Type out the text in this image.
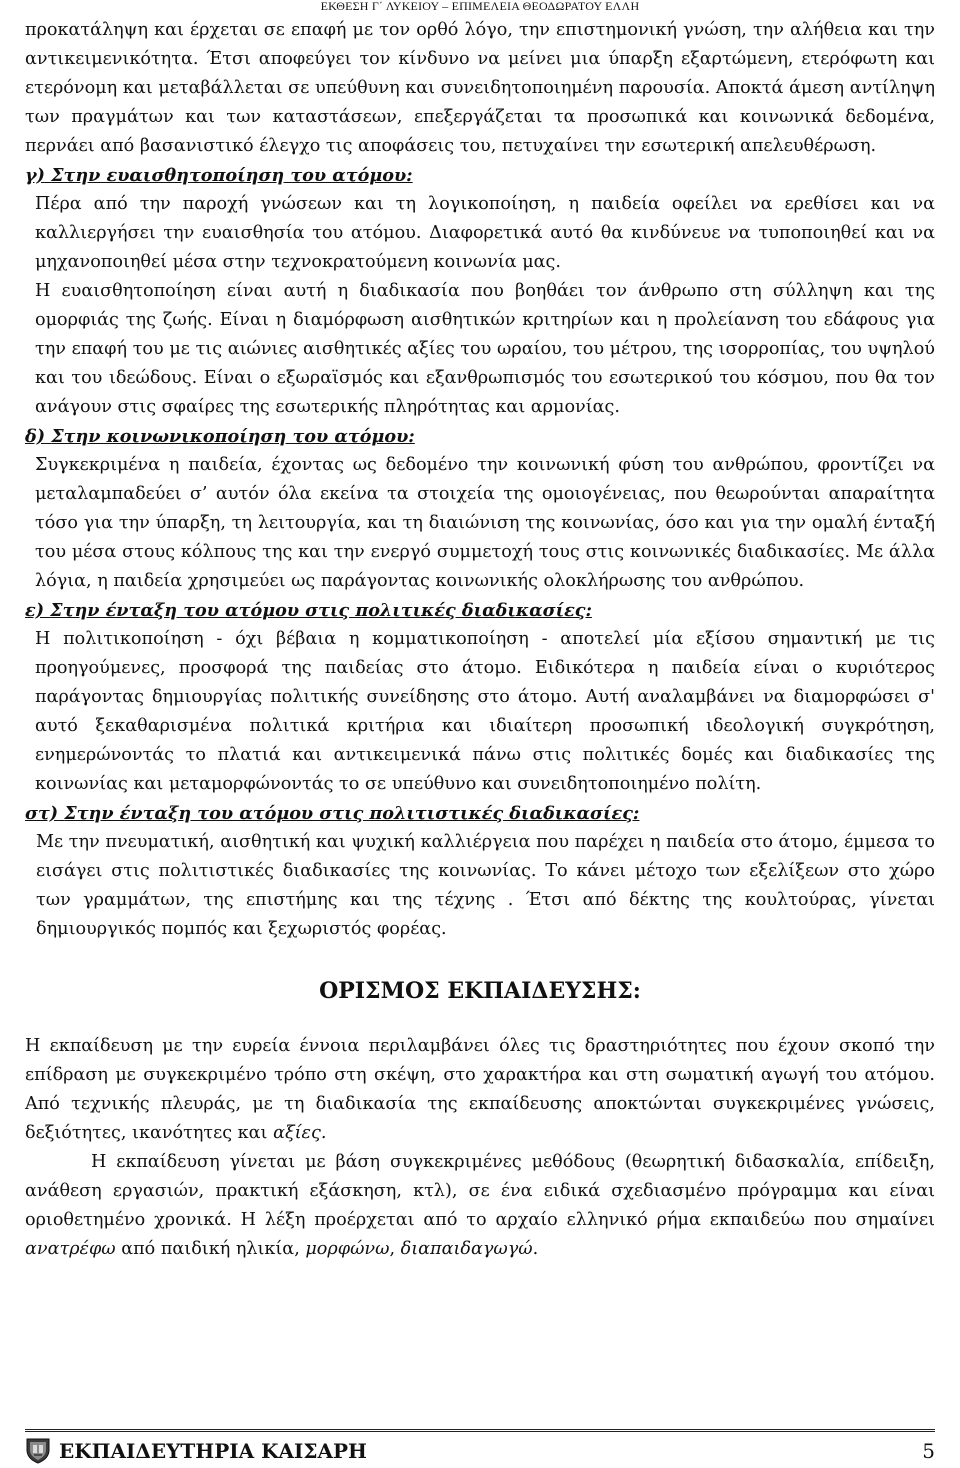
ΕΚΘΕΣΗ Γ΄ ΛΥΚΕΙΟΥ – ΕΠΙΜΕΛΕΙΑ ΘΕΟΔΩΡΑΤΟΥ ΕΛΛΗ

προκατάληψη και έρχεται σε επαφή με τον ορθό λόγο, την επιστημονική γνώση, την αλήθεια και την αντικειμενικότητα. Έτσι αποφεύγει τον κίνδυνο να μείνει μια ύπαρξη εξαρτώμενη, ετερόφωτη και ετερόνομη και μεταβάλλεται σε υπεύθυνη και συνειδητοποιημένη παρουσία. Αποκτά άμεση αντίληψη των πραγμάτων και των καταστάσεων, επεξεργάζεται τα προσωπικά και κοινωνικά δεδομένα, περνάει από βασανιστικό έλεγχο τις αποφάσεις του, πετυχαίνει την εσωτερική απελευθέρωση.

γ) Στην ευαισθητοποίηση του ατόμου:

Πέρα από την παροχή γνώσεων και τη λογικοποίηση, η παιδεία οφείλει να ερεθίσει και να καλλιεργήσει την ευαισθησία του ατόμου. Διαφορετικά αυτό θα κινδύνευε να τυποποιηθεί και να μηχανοποιηθεί μέσα στην τεχνοκρατούμενη κοινωνία μας.

Η ευαισθητοποίηση είναι αυτή η διαδικασία που βοηθάει τον άνθρωπο στη σύλληψη και της ομορφιάς της ζωής. Είναι η διαμόρφωση αισθητικών κριτηρίων και η προλείανση του εδάφους για την επαφή του με τις αιώνιες αισθητικές αξίες του ωραίου, του μέτρου, της ισορροπίας, του υψηλού και του ιδεώδους. Είναι ο εξωραϊσμός και εξανθρωπισμός του εσωτερικού του κόσμου, που θα τον ανάγουν στις σφαίρες της εσωτερικής πληρότητας και αρμονίας.

δ) Στην κοινωνικοποίηση του ατόμου:

Συγκεκριμένα η παιδεία, έχοντας ως δεδομένο την κοινωνική φύση του ανθρώπου, φροντίζει να μεταλαμπαδεύει σ’ αυτόν όλα εκείνα τα στοιχεία της ομοιογένειας, που θεωρούνται απαραίτητα τόσο για την ύπαρξη, τη λειτουργία, και τη διαιώνιση της κοινωνίας, όσο και για την ομαλή ένταξή του μέσα στους κόλπους της και την ενεργό συμμετοχή τους στις κοινωνικές διαδικασίες. Με άλλα λόγια, η παιδεία χρησιμεύει ως παράγοντας κοινωνικής ολοκλήρωσης του ανθρώπου.

ε) Στην ένταξη του ατόμου στις πολιτικές διαδικασίες:

Η πολιτικοποίηση - όχι βέβαια η κομματικοποίηση - αποτελεί μία εξίσου σημαντική με τις προηγούμενες, προσφορά της παιδείας στο άτομο. Ειδικότερα η παιδεία είναι ο κυριότερος παράγοντας δημιουργίας πολιτικής συνείδησης στο άτομο. Αυτή αναλαμβάνει να διαμορφώσει σ' αυτό ξεκαθαρισμένα πολιτικά κριτήρια και ιδιαίτερη προσωπική ιδεολογική συγκρότηση, ενημερώνοντάς το πλατιά και αντικειμενικά πάνω στις πολιτικές δομές και διαδικασίες της κοινωνίας και μεταμορφώνοντάς το σε υπεύθυνο και συνειδητοποιημένο πολίτη.

στ) Στην ένταξη του ατόμου στις πολιτιστικές διαδικασίες:

Με την πνευματική, αισθητική και ψυχική καλλιέργεια που παρέχει η παιδεία στο άτομο, έμμεσα το εισάγει στις πολιτιστικές διαδικασίες της κοινωνίας. Το κάνει μέτοχο των εξελίξεων στο χώρο των γραμμάτων, της επιστήμης και της τέχνης . Έτσι από δέκτης της κουλτούρας, γίνεται δημιουργικός πομπός και ξεχωριστός φορέας.

ΟΡΙΣΜΟΣ ΕΚΠΑΙΔΕΥΣΗΣ:

Η εκπαίδευση με την ευρεία έννοια περιλαμβάνει όλες τις δραστηριότητες που έχουν σκοπό την επίδραση με συγκεκριμένο τρόπο στη σκέψη, στο χαρακτήρα και στη σωματική αγωγή του ατόμου. Από τεχνικής πλευράς, με τη διαδικασία της εκπαίδευσης αποκτώνται συγκεκριμένες γνώσεις, δεξιότητες, ικανότητες και αξίες.

Η εκπαίδευση γίνεται με βάση συγκεκριμένες μεθόδους (θεωρητική διδασκαλία, επίδειξη, ανάθεση εργασιών, πρακτική εξάσκηση, κτλ), σε ένα ειδικά σχεδιασμένο πρόγραμμα και είναι οριοθετημένο χρονικά. Η λέξη προέρχεται από το αρχαίο ελληνικό ρήμα εκπαιδεύω που σημαίνει ανατρέφω από παιδική ηλικία, μορφώνω, διαπαιδαγωγώ.

ΕΚΠΑΙΔΕΥΤΗΡΙΑ ΚΑΙΣΑΡΗ	5
